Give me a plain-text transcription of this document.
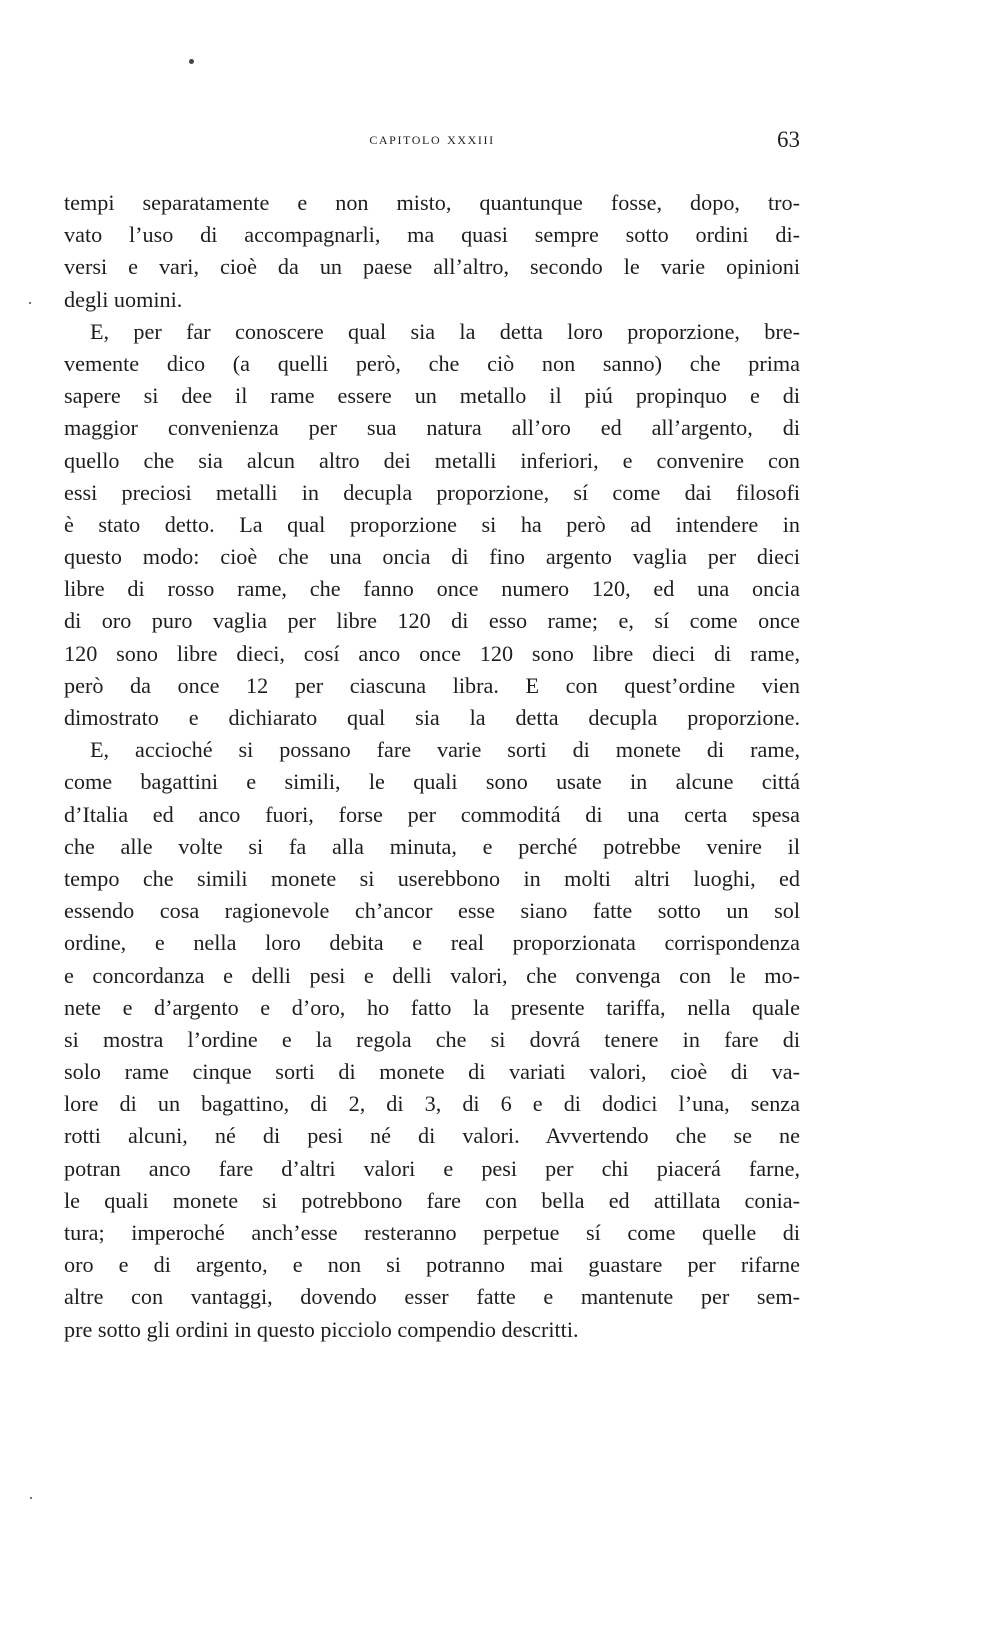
capitolo xxxiii	63
tempi separatamente e non misto, quantunque fosse, dopo, tro-
vato l’uso di accompagnarli, ma quasi sempre sotto ordini di-
versi e vari, cioè da un paese all’altro, secondo le varie opinioni
degli uomini.
E, per far conoscere qual sia la detta loro proporzione, bre-
vemente dico (a quelli però, che ciò non sanno) che prima
sapere si dee il rame essere un metallo il piú propinquo e di
maggior convenienza per sua natura all’oro ed all’argento, di
quello che sia alcun altro dei metalli inferiori, e convenire con
essi preciosi metalli in decupla proporzione, sí come dai filosofi
è stato detto. La qual proporzione si ha però ad intendere in
questo modo: cioè che una oncia di fino argento vaglia per dieci
libre di rosso rame, che fanno once numero 120, ed una oncia
di oro puro vaglia per libre 120 di esso rame; e, sí come once
120 sono libre dieci, cosí anco once 120 sono libre dieci di rame,
però da once 12 per ciascuna libra. E con quest’ordine vien
dimostrato e dichiarato qual sia la detta decupla proporzione.
E, accioché si possano fare varie sorti di monete di rame,
come bagattini e simili, le quali sono usate in alcune cittá
d’Italia ed anco fuori, forse per commoditá di una certa spesa
che alle volte si fa alla minuta, e perché potrebbe venire il
tempo che simili monete si userebbono in molti altri luoghi, ed
essendo cosa ragionevole ch’ancor esse siano fatte sotto un sol
ordine, e nella loro debita e real proporzionata corrispondenza
e concordanza e delli pesi e delli valori, che convenga con le mo-
nete e d’argento e d’oro, ho fatto la presente tariffa, nella quale
si mostra l’ordine e la regola che si dovrá tenere in fare di
solo rame cinque sorti di monete di variati valori, cioè di va-
lore di un bagattino, di 2, di 3, di 6 e di dodici l’una, senza
rotti alcuni, né di pesi né di valori. Avvertendo che se ne
potran anco fare d’altri valori e pesi per chi piacerá farne,
le quali monete si potrebbono fare con bella ed attillata conia-
tura; imperoché anch’esse resteranno perpetue sí come quelle di
oro e di argento, e non si potranno mai guastare per rifarne
altre con vantaggi, dovendo esser fatte e mantenute per sem-
pre sotto gli ordini in questo picciolo compendio descritti.
